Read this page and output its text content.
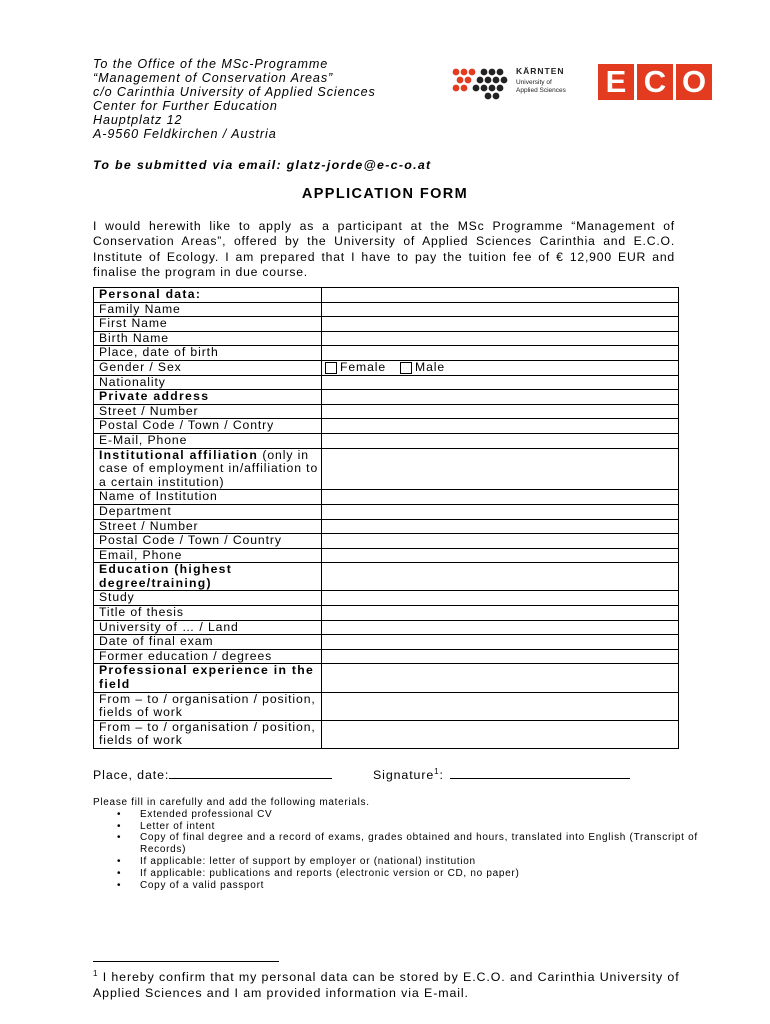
To the Office of the MSc-Programme
“Management of Conservation Areas”
c/o Carinthia University of Applied Sciences
Center for Further Education
Hauptplatz 12
A-9560 Feldkirchen / Austria
To be submitted via email: glatz-jorde@e-c-o.at
KÄRNTEN
University of
Applied Sciences E C O
APPLICATION FORM
I would herewith like to apply as a participant at the MSc Programme “Management of Conservation Areas”, offered by the University of Applied Sciences Carinthia and E.C.O. Institute of Ecology. I am prepared that I have to pay the tuition fee of € 12,900 EUR and finalise the program in due course.
Personal data:	
Family Name	
First Name	
Birth Name	
Place, date of birth	
Gender / Sex	Female Male

Nationality	
Private address	
Street / Number	
Postal Code / Town / Contry	
E-Mail, Phone	
Institutional affiliation (only in case of employment in/affiliation to a certain institution)	
Name of Institution	
Department	
Street / Number	
Postal Code / Town / Country	
Email, Phone	
Education (highest degree/training)	
Study	
Title of thesis	
University of … / Land	
Date of final exam	
Former education / degrees	
Professional experience in the field	
From – to / organisation / position, fields of work	
From – to / organisation / position, fields of work	
Place, date:	Signature$^1$:
Please fill in carefully and add the following materials.
• Extended professional CV
• Letter of intent
• Copy of final degree and a record of exams, grades obtained and hours, translated into English (Transcript of Records)
• If applicable: letter of support by employer or (national) institution
• If applicable: publications and reports (electronic version or CD, no paper)
• Copy of a valid passport
$^1$ I hereby confirm that my personal data can be stored by E.C.O. and Carinthia University of Applied Sciences and I am provided information via E-mail.
